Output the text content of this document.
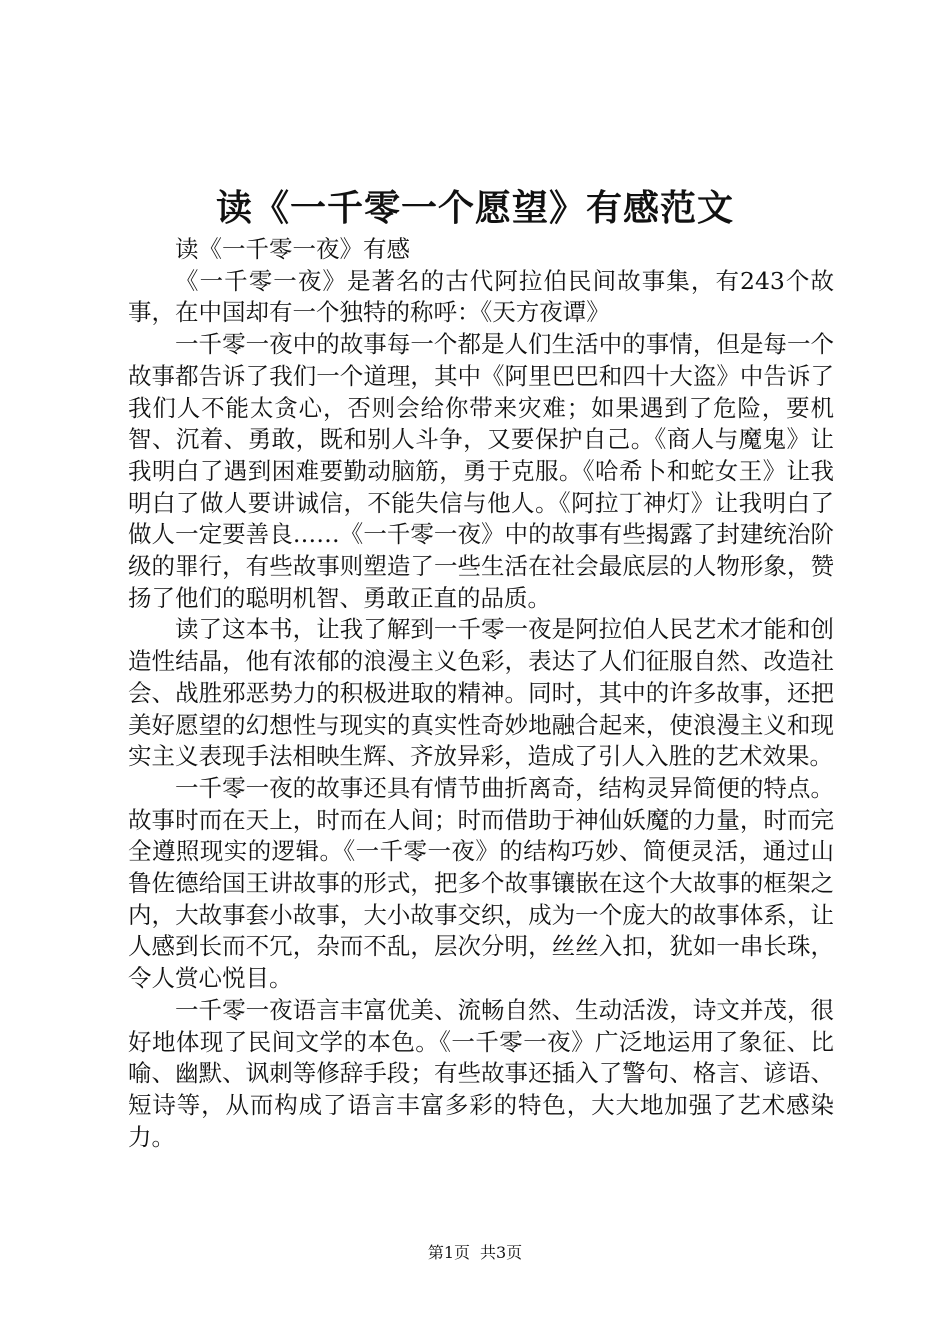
读《一千零一个愿望》有感范文

读《一千零一夜》有感

《一千零一夜》是著名的古代阿拉伯民间故事集，有243个故事，在中国却有一个独特的称呼：《天方夜谭》

一千零一夜中的故事每一个都是人们生活中的事情，但是每一个故事都告诉了我们一个道理，其中《阿里巴巴和四十大盗》中告诉了我们人不能太贪心，否则会给你带来灾难；如果遇到了危险，要机智、沉着、勇敢，既和别人斗争，又要保护自己。《商人与魔鬼》让我明白了遇到困难要勤动脑筋，勇于克服。《哈希卜和蛇女王》让我明白了做人要讲诚信，不能失信与他人。《阿拉丁神灯》让我明白了做人一定要善良……《一千零一夜》中的故事有些揭露了封建统治阶级的罪行，有些故事则塑造了一些生活在社会最底层的人物形象，赞扬了他们的聪明机智、勇敢正直的品质。

读了这本书，让我了解到一千零一夜是阿拉伯人民艺术才能和创造性结晶，他有浓郁的浪漫主义色彩，表达了人们征服自然、改造社会、战胜邪恶势力的积极进取的精神。同时，其中的许多故事，还把美好愿望的幻想性与现实的真实性奇妙地融合起来，使浪漫主义和现实主义表现手法相映生辉、齐放异彩，造成了引人入胜的艺术效果。

一千零一夜的故事还具有情节曲折离奇，结构灵异简便的特点。故事时而在天上，时而在人间；时而借助于神仙妖魔的力量，时而完全遵照现实的逻辑。《一千零一夜》的结构巧妙、简便灵活，通过山鲁佐德给国王讲故事的形式，把多个故事镶嵌在这个大故事的框架之内，大故事套小故事，大小故事交织，成为一个庞大的故事体系，让人感到长而不冗，杂而不乱，层次分明，丝丝入扣，犹如一串长珠，令人赏心悦目。

一千零一夜语言丰富优美、流畅自然、生动活泼，诗文并茂，很好地体现了民间文学的本色。《一千零一夜》广泛地运用了象征、比喻、幽默、讽刺等修辞手段；有些故事还插入了警句、格言、谚语、短诗等，从而构成了语言丰富多彩的特色，大大地加强了艺术感染力。

第1页 共3页
